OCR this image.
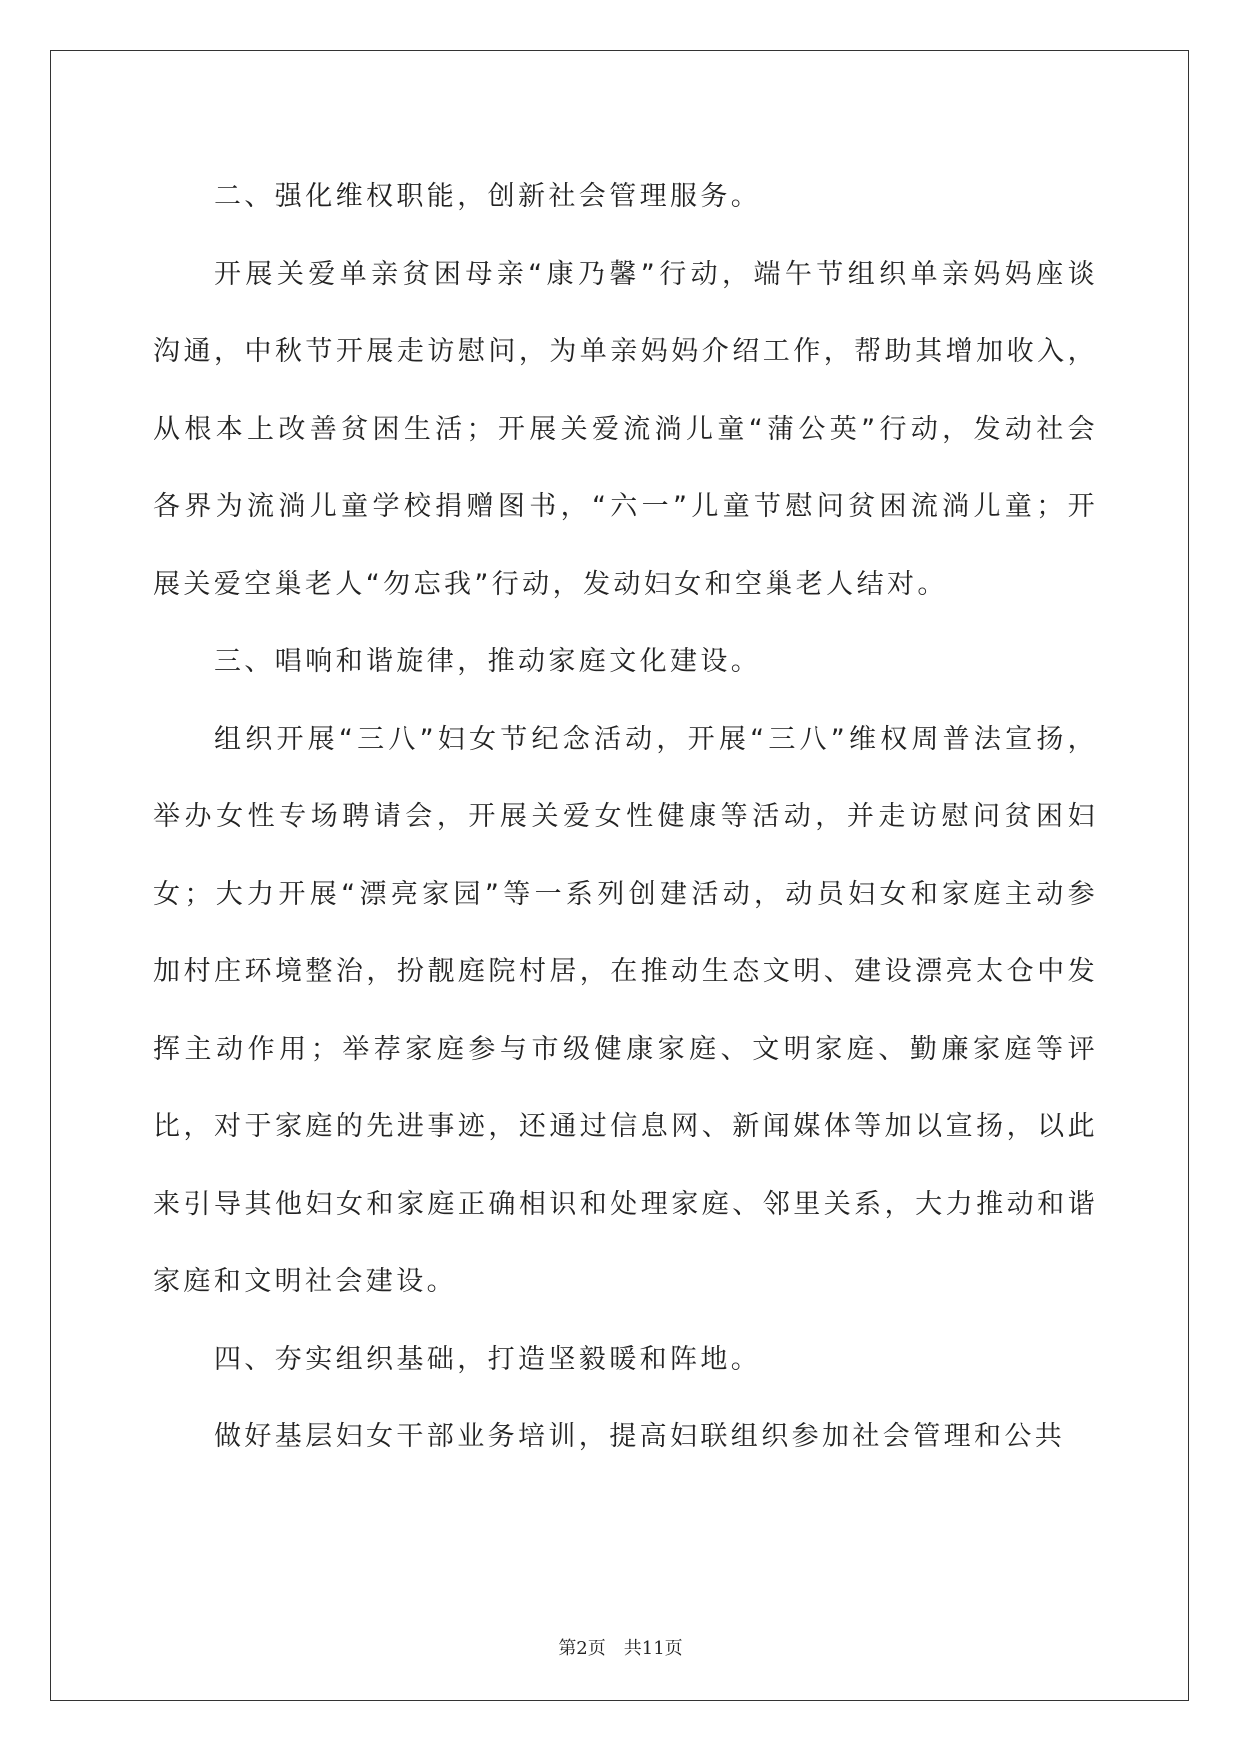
二、强化维权职能，创新社会管理服务。

开展关爱单亲贫困母亲“康乃馨”行动，端午节组织单亲妈妈座谈沟通，中秋节开展走访慰问，为单亲妈妈介绍工作，帮助其增加收入，从根本上改善贫困生活；开展关爱流淌儿童“蒲公英”行动，发动社会各界为流淌儿童学校捐赠图书，“六一”儿童节慰问贫困流淌儿童；开展关爱空巢老人“勿忘我”行动，发动妇女和空巢老人结对。

三、唱响和谐旋律，推动家庭文化建设。

组织开展“三八”妇女节纪念活动，开展“三八”维权周普法宣扬，举办女性专场聘请会，开展关爱女性健康等活动，并走访慰问贫困妇女；大力开展“漂亮家园”等一系列创建活动，动员妇女和家庭主动参加村庄环境整治，扮靓庭院村居，在推动生态文明、建设漂亮太仓中发挥主动作用；举荐家庭参与市级健康家庭、文明家庭、勤廉家庭等评比，对于家庭的先进事迹，还通过信息网、新闻媒体等加以宣扬，以此来引导其他妇女和家庭正确相识和处理家庭、邻里关系，大力推动和谐家庭和文明社会建设。

四、夯实组织基础，打造坚毅暖和阵地。

做好基层妇女干部业务培训，提高妇联组织参加社会管理和公共

第2页 共11页
